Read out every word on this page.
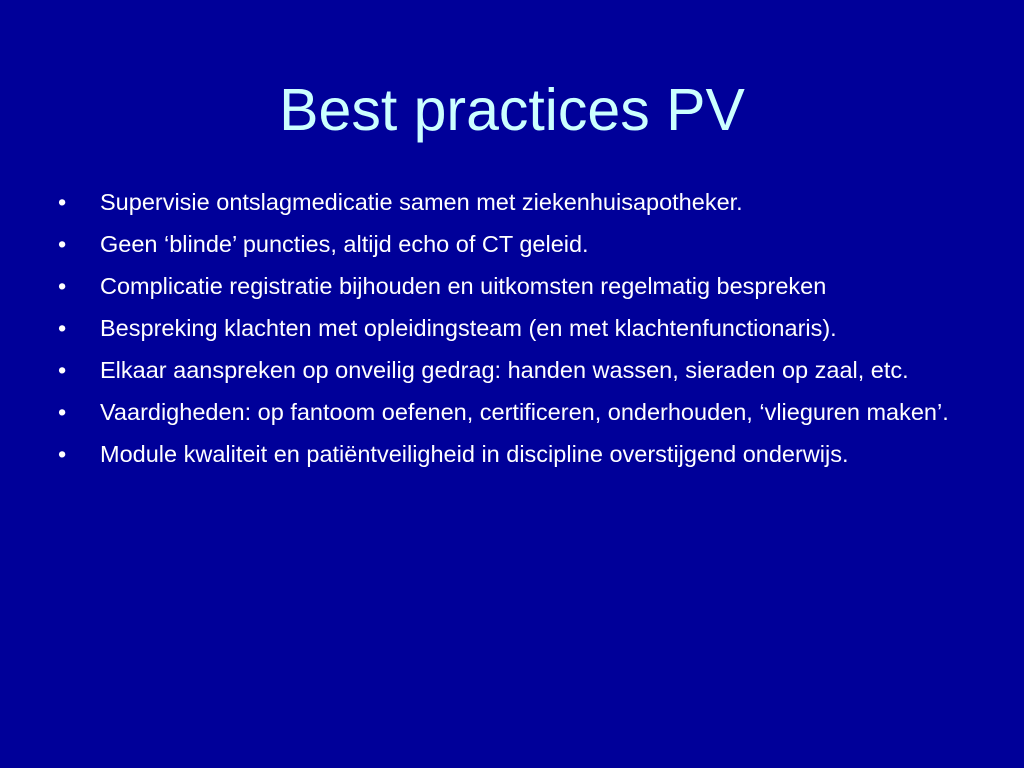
Best practices PV
•	Supervisie ontslagmedicatie samen met ziekenhuisapotheker.
•	Geen ‘blinde’ puncties, altijd echo of CT geleid.
•	Complicatie registratie bijhouden en uitkomsten regelmatig bespreken
•	Bespreking klachten met opleidingsteam (en met klachtenfunctionaris).
•	Elkaar aanspreken op onveilig gedrag: handen wassen, sieraden op zaal, etc.
•	Vaardigheden: op fantoom oefenen, certificeren, onderhouden, ‘vlieguren maken’.
•	Module kwaliteit en patiëntveiligheid in discipline overstijgend onderwijs.
